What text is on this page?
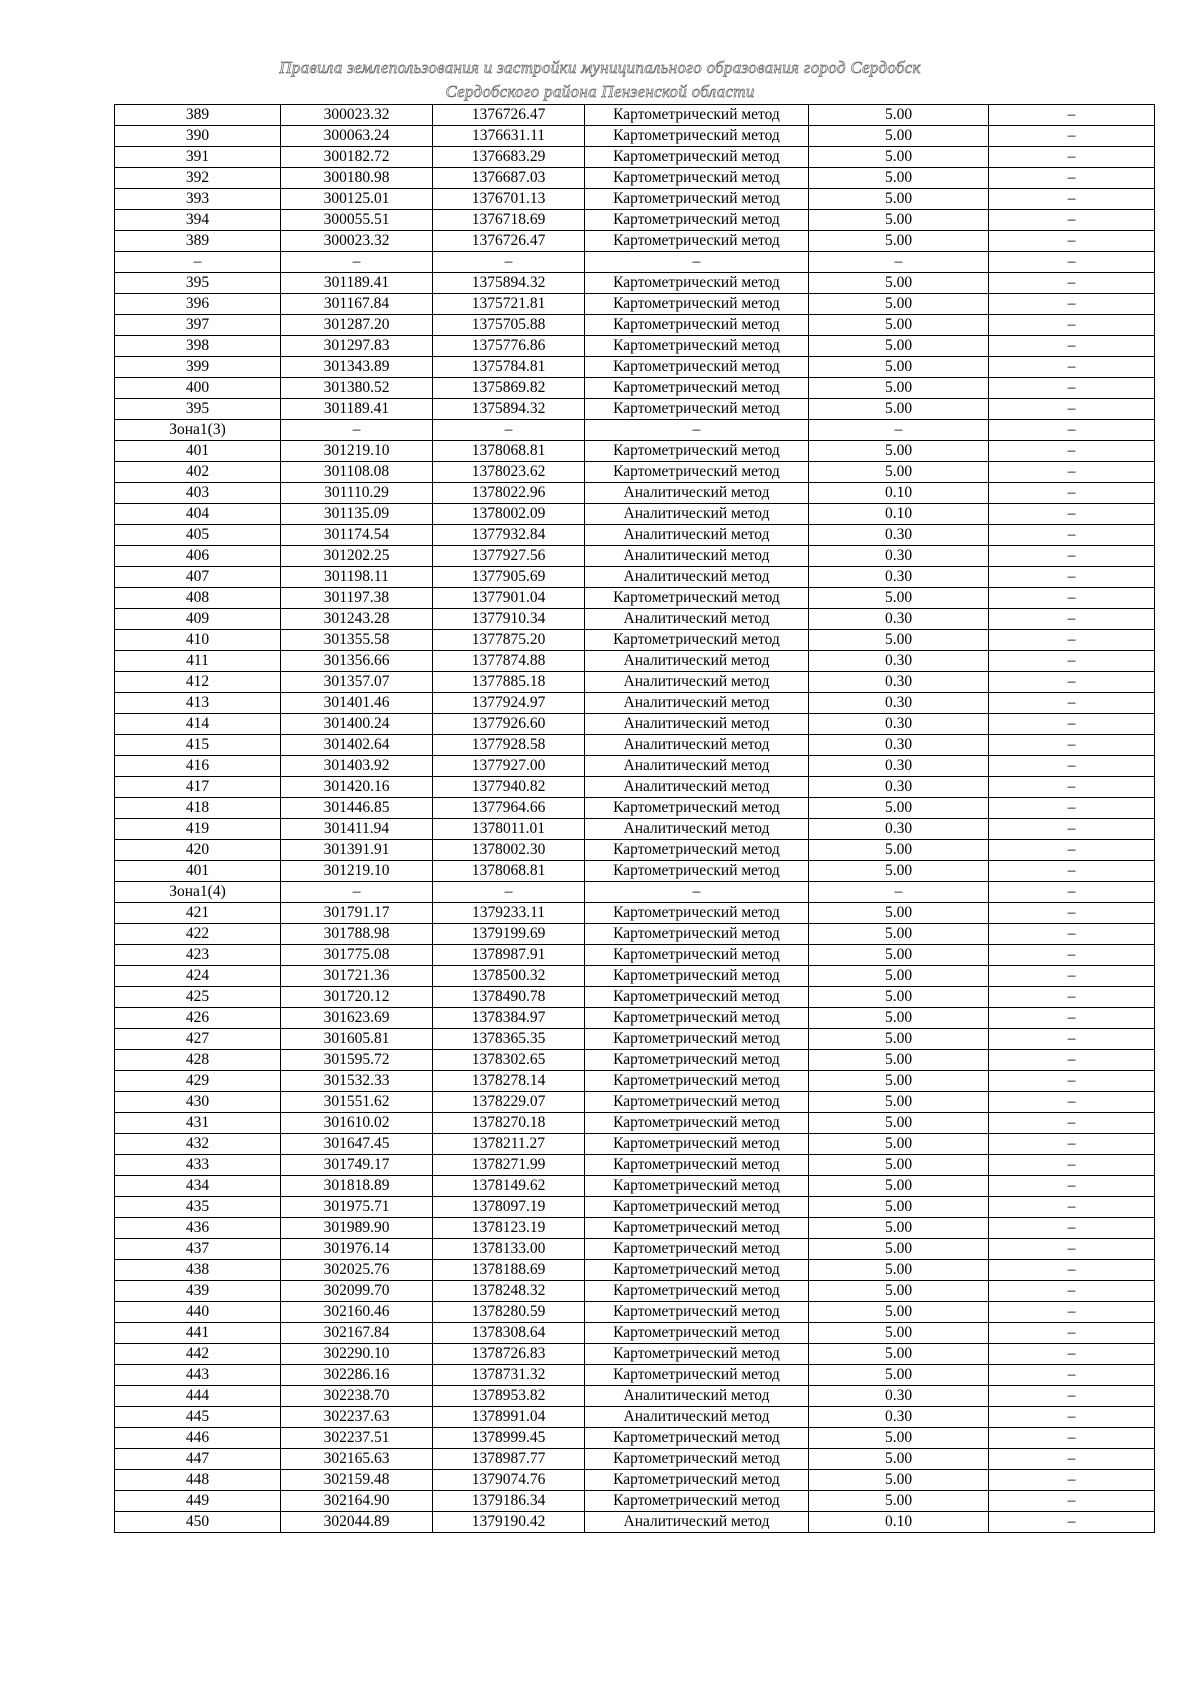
Правила землепользования и застройки муниципального образования город Сердобск
Сердобского района Пензенской области
389	300023.32	1376726.47	Картометрический метод	5.00	–
390	300063.24	1376631.11	Картометрический метод	5.00	–
391	300182.72	1376683.29	Картометрический метод	5.00	–
392	300180.98	1376687.03	Картометрический метод	5.00	–
393	300125.01	1376701.13	Картометрический метод	5.00	–
394	300055.51	1376718.69	Картометрический метод	5.00	–
389	300023.32	1376726.47	Картометрический метод	5.00	–
–	–	–	–	–	–
395	301189.41	1375894.32	Картометрический метод	5.00	–
396	301167.84	1375721.81	Картометрический метод	5.00	–
397	301287.20	1375705.88	Картометрический метод	5.00	–
398	301297.83	1375776.86	Картометрический метод	5.00	–
399	301343.89	1375784.81	Картометрический метод	5.00	–
400	301380.52	1375869.82	Картометрический метод	5.00	–
395	301189.41	1375894.32	Картометрический метод	5.00	–
Зона1(3)	–	–	–	–	–
401	301219.10	1378068.81	Картометрический метод	5.00	–
402	301108.08	1378023.62	Картометрический метод	5.00	–
403	301110.29	1378022.96	Аналитический метод	0.10	–
404	301135.09	1378002.09	Аналитический метод	0.10	–
405	301174.54	1377932.84	Аналитический метод	0.30	–
406	301202.25	1377927.56	Аналитический метод	0.30	–
407	301198.11	1377905.69	Аналитический метод	0.30	–
408	301197.38	1377901.04	Картометрический метод	5.00	–
409	301243.28	1377910.34	Аналитический метод	0.30	–
410	301355.58	1377875.20	Картометрический метод	5.00	–
411	301356.66	1377874.88	Аналитический метод	0.30	–
412	301357.07	1377885.18	Аналитический метод	0.30	–
413	301401.46	1377924.97	Аналитический метод	0.30	–
414	301400.24	1377926.60	Аналитический метод	0.30	–
415	301402.64	1377928.58	Аналитический метод	0.30	–
416	301403.92	1377927.00	Аналитический метод	0.30	–
417	301420.16	1377940.82	Аналитический метод	0.30	–
418	301446.85	1377964.66	Картометрический метод	5.00	–
419	301411.94	1378011.01	Аналитический метод	0.30	–
420	301391.91	1378002.30	Картометрический метод	5.00	–
401	301219.10	1378068.81	Картометрический метод	5.00	–
Зона1(4)	–	–	–	–	–
421	301791.17	1379233.11	Картометрический метод	5.00	–
422	301788.98	1379199.69	Картометрический метод	5.00	–
423	301775.08	1378987.91	Картометрический метод	5.00	–
424	301721.36	1378500.32	Картометрический метод	5.00	–
425	301720.12	1378490.78	Картометрический метод	5.00	–
426	301623.69	1378384.97	Картометрический метод	5.00	–
427	301605.81	1378365.35	Картометрический метод	5.00	–
428	301595.72	1378302.65	Картометрический метод	5.00	–
429	301532.33	1378278.14	Картометрический метод	5.00	–
430	301551.62	1378229.07	Картометрический метод	5.00	–
431	301610.02	1378270.18	Картометрический метод	5.00	–
432	301647.45	1378211.27	Картометрический метод	5.00	–
433	301749.17	1378271.99	Картометрический метод	5.00	–
434	301818.89	1378149.62	Картометрический метод	5.00	–
435	301975.71	1378097.19	Картометрический метод	5.00	–
436	301989.90	1378123.19	Картометрический метод	5.00	–
437	301976.14	1378133.00	Картометрический метод	5.00	–
438	302025.76	1378188.69	Картометрический метод	5.00	–
439	302099.70	1378248.32	Картометрический метод	5.00	–
440	302160.46	1378280.59	Картометрический метод	5.00	–
441	302167.84	1378308.64	Картометрический метод	5.00	–
442	302290.10	1378726.83	Картометрический метод	5.00	–
443	302286.16	1378731.32	Картометрический метод	5.00	–
444	302238.70	1378953.82	Аналитический метод	0.30	–
445	302237.63	1378991.04	Аналитический метод	0.30	–
446	302237.51	1378999.45	Картометрический метод	5.00	–
447	302165.63	1378987.77	Картометрический метод	5.00	–
448	302159.48	1379074.76	Картометрический метод	5.00	–
449	302164.90	1379186.34	Картометрический метод	5.00	–
450	302044.89	1379190.42	Аналитический метод	0.10	–
